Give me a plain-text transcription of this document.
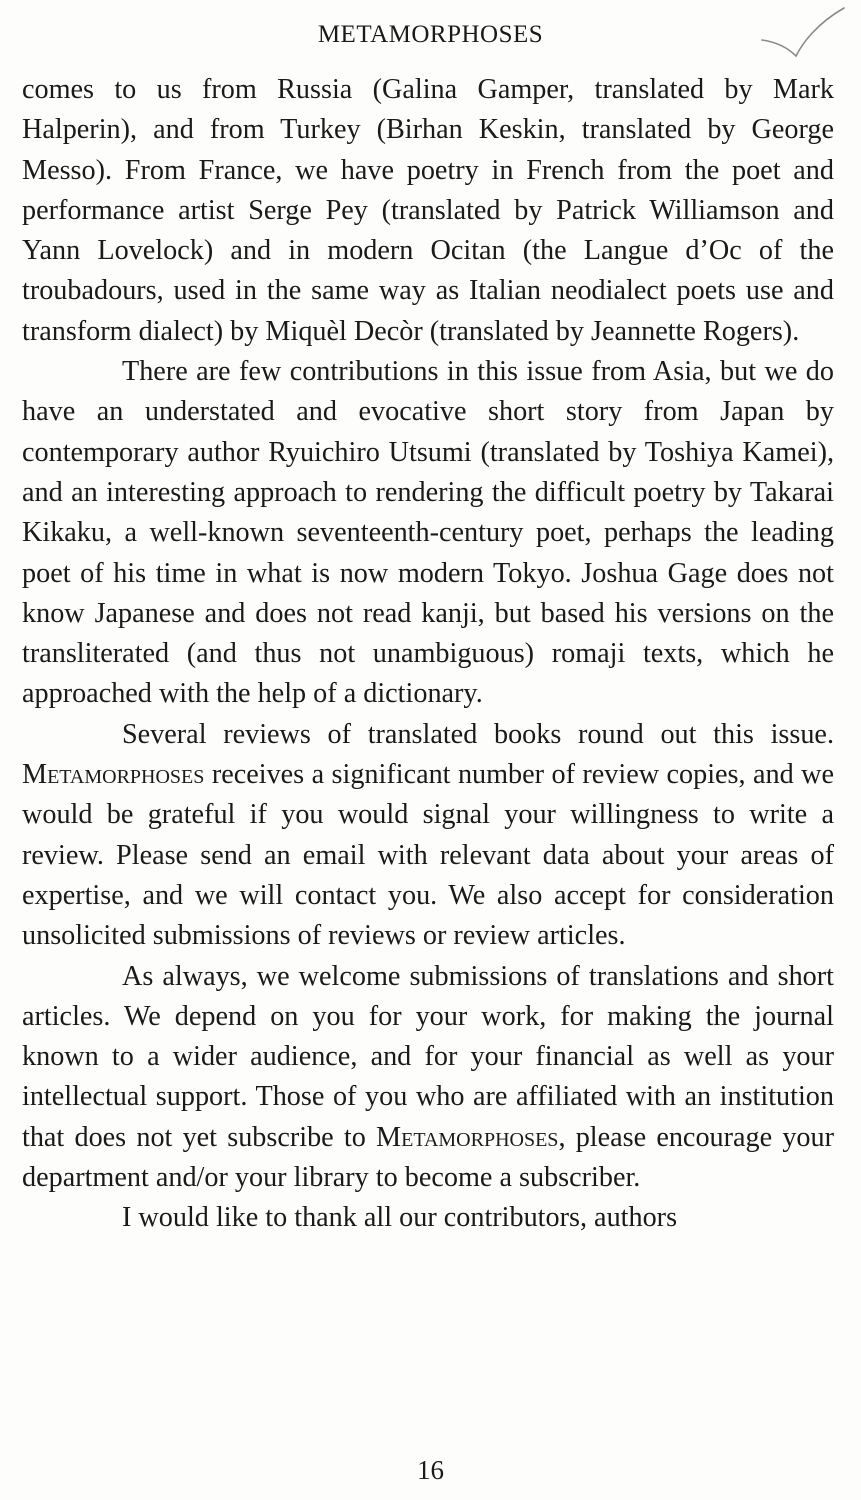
METAMORPHOSES

comes to us from Russia (Galina Gamper, translated by Mark Halperin), and from Turkey (Birhan Keskin, translated by George Messo). From France, we have poetry in French from the poet and performance artist Serge Pey (translated by Patrick Williamson and Yann Lovelock) and in modern Ocitan (the Langue d’Oc of the troubadours, used in the same way as Italian neodialect poets use and transform dialect) by Miquèl Decòr (translated by Jeannette Rogers).

There are few contributions in this issue from Asia, but we do have an understated and evocative short story from Japan by contemporary author Ryuichiro Utsumi (translated by Toshiya Kamei), and an interesting approach to rendering the difficult poetry by Takarai Kikaku, a well-known seventeenth-century poet, perhaps the leading poet of his time in what is now modern Tokyo. Joshua Gage does not know Japanese and does not read kanji, but based his versions on the transliterated (and thus not unambiguous) romaji texts, which he approached with the help of a dictionary.

Several reviews of translated books round out this issue. Metamorphoses receives a significant number of review copies, and we would be grateful if you would signal your willingness to write a review. Please send an email with relevant data about your areas of expertise, and we will contact you. We also accept for consideration unsolicited submissions of reviews or review articles.

As always, we welcome submissions of translations and short articles. We depend on you for your work, for making the journal known to a wider audience, and for your financial as well as your intellectual support. Those of you who are affiliated with an institution that does not yet subscribe to Metamorphoses, please encourage your department and/or your library to become a subscriber.

I would like to thank all our contributors, authors

16
